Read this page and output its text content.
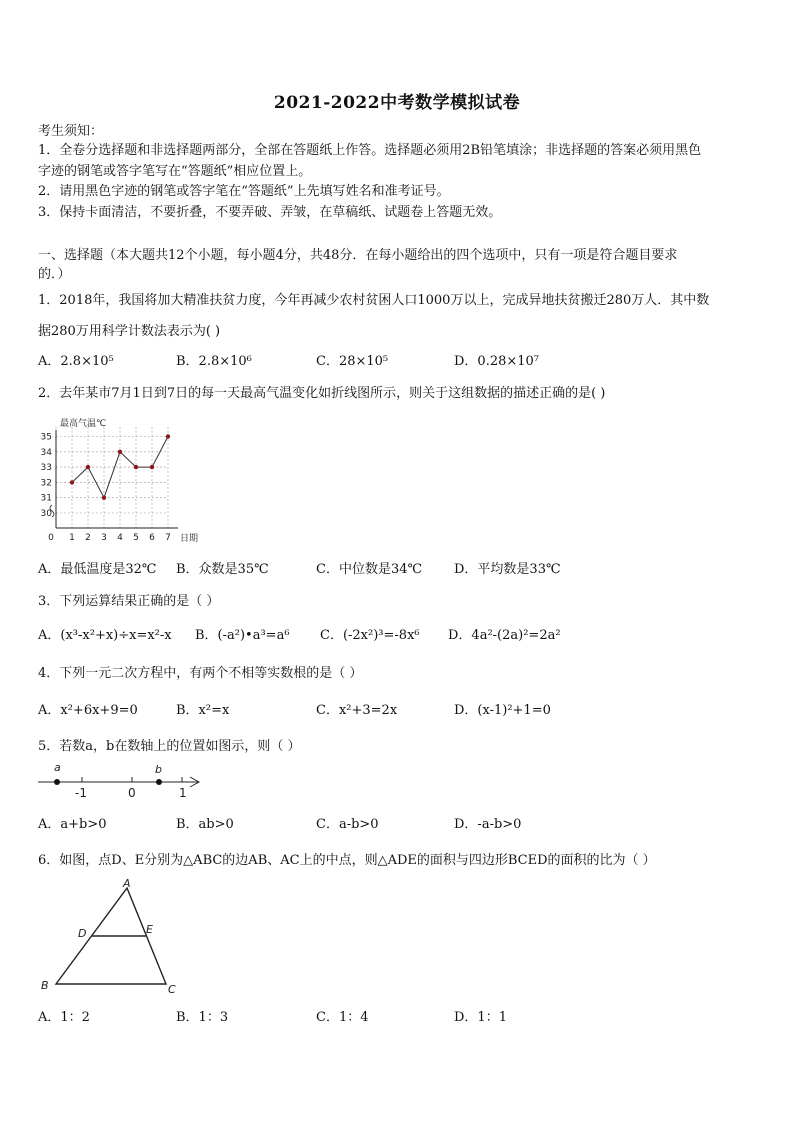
2021-2022中考数学模拟试卷
考生须知：
1．全卷分选择题和非选择题两部分，全部在答题纸上作答。选择题必须用2B铅笔填涂；非选择题的答案必须用黑色
字迹的钢笔或答字笔写在“答题纸”相应位置上。
2．请用黑色字迹的钢笔或答字笔在“答题纸”上先填写姓名和准考证号。
3．保持卡面清洁，不要折叠，不要弄破、弄皱，在草稿纸、试题卷上答题无效。
一、选择题（本大题共12个小题，每小题4分，共48分．在每小题给出的四个选项中，只有一项是符合题目要求
的．）
1．2018年，我国将加大精准扶贫力度，今年再减少农村贫困人口1000万以上，完成异地扶贫搬迁280万人．其中数
据280万用科学计数法表示为( )
A．2.8×10⁵	B．2.8×10⁶	C．28×10⁵	D．0.28×10⁷
2．去年某市7月1日到7日的每一天最高气温变化如折线图所示，则关于这组数据的描述正确的是( )
30
31
32
33
34
35
0 1 2 3 4 5 6 7
最高气温℃
日期
A．最低温度是32℃ B．众数是35℃	C．中位数是34℃ D．平均数是33℃
3．下列运算结果正确的是（ ）
A．(x³-x²+x)÷x=x²-x B．(-a²)•a³=a⁶ C．(-2x²)³=-8x⁶ D．4a²-(2a)²=2a²
4．下列一元二次方程中，有两个不相等实数根的是（ ）
A．x²+6x+9=0	B．x²=x	C．x²+3=2x	D．(x-1)²+1=0
5．若数a，b在数轴上的位置如图示，则（ ）
a	b
-1	0	1
A．a+b>0	B．ab>0	C．a-b>0	D．-a-b>0
6．如图，点D、E分别为△ABC的边AB、AC上的中点，则△ADE的面积与四边形BCED的面积的比为（ ）
A
B	C
D	E
A．1：2	B．1：3	C．1：4	D．1：1
